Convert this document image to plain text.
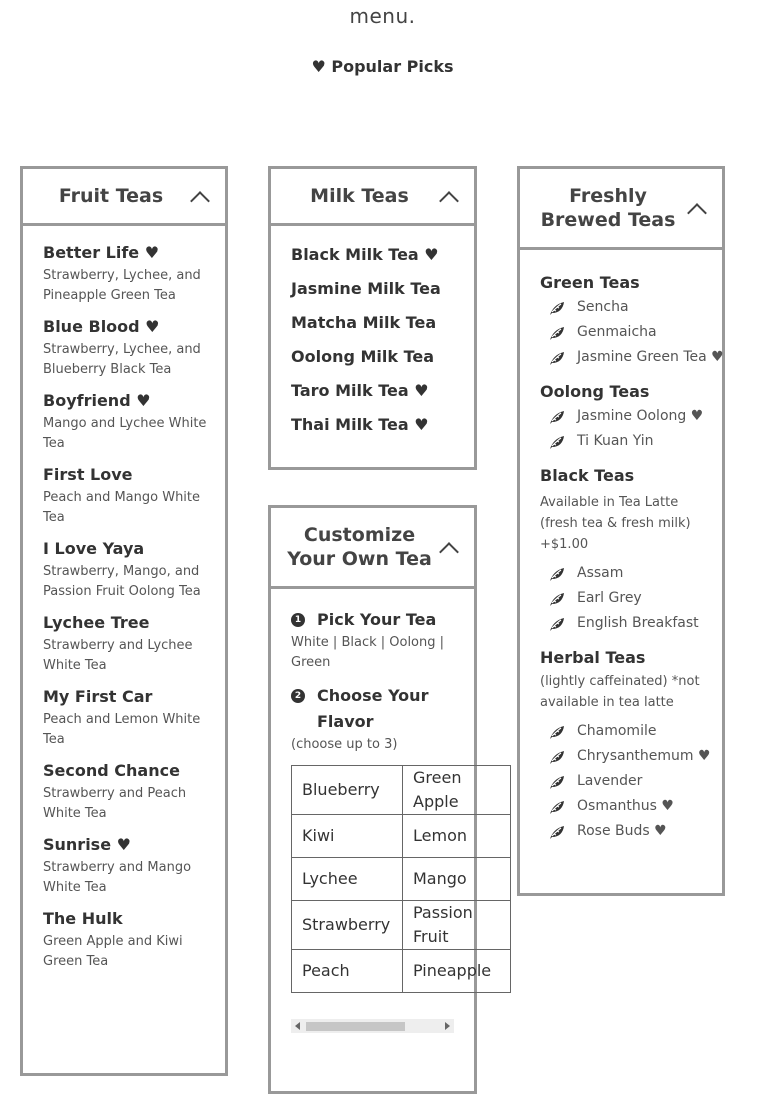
menu.
♥ Popular Picks
Fruit Teas
Better Life ♥
Strawberry, Lychee, and Pineapple Green Tea
Blue Blood ♥
Strawberry, Lychee, and Blueberry Black Tea
Boyfriend ♥
Mango and Lychee White Tea
First Love
Peach and Mango White Tea
I Love Yaya
Strawberry, Mango, and Passion Fruit Oolong Tea
Lychee Tree
Strawberry and Lychee White Tea
My First Car
Peach and Lemon White Tea
Second Chance
Strawberry and Peach White Tea
Sunrise ♥
Strawberry and Mango White Tea
The Hulk
Green Apple and Kiwi Green Tea
Milk Teas
Black Milk Tea ♥
Jasmine Milk Tea
Matcha Milk Tea
Oolong Milk Tea
Taro Milk Tea ♥
Thai Milk Tea ♥
Customize Your Own Tea
1 Pick Your Tea
White | Black | Oolong | Green
2 Choose Your Flavor
(choose up to 3)
Blueberry	Green Apple
Kiwi	Lemon
Lychee	Mango
Strawberry	Passion Fruit
Peach	Pineapple
Freshly Brewed Teas
Green Teas
Sencha
Genmaicha
Jasmine Green Tea ♥
Oolong Teas
Jasmine Oolong ♥
Ti Kuan Yin
Black Teas
Available in Tea Latte (fresh tea & fresh milk) +$1.00
Assam
Earl Grey
English Breakfast
Herbal Teas
(lightly caffeinated) *not available in tea latte
Chamomile
Chrysanthemum ♥
Lavender
Osmanthus ♥
Rose Buds ♥
